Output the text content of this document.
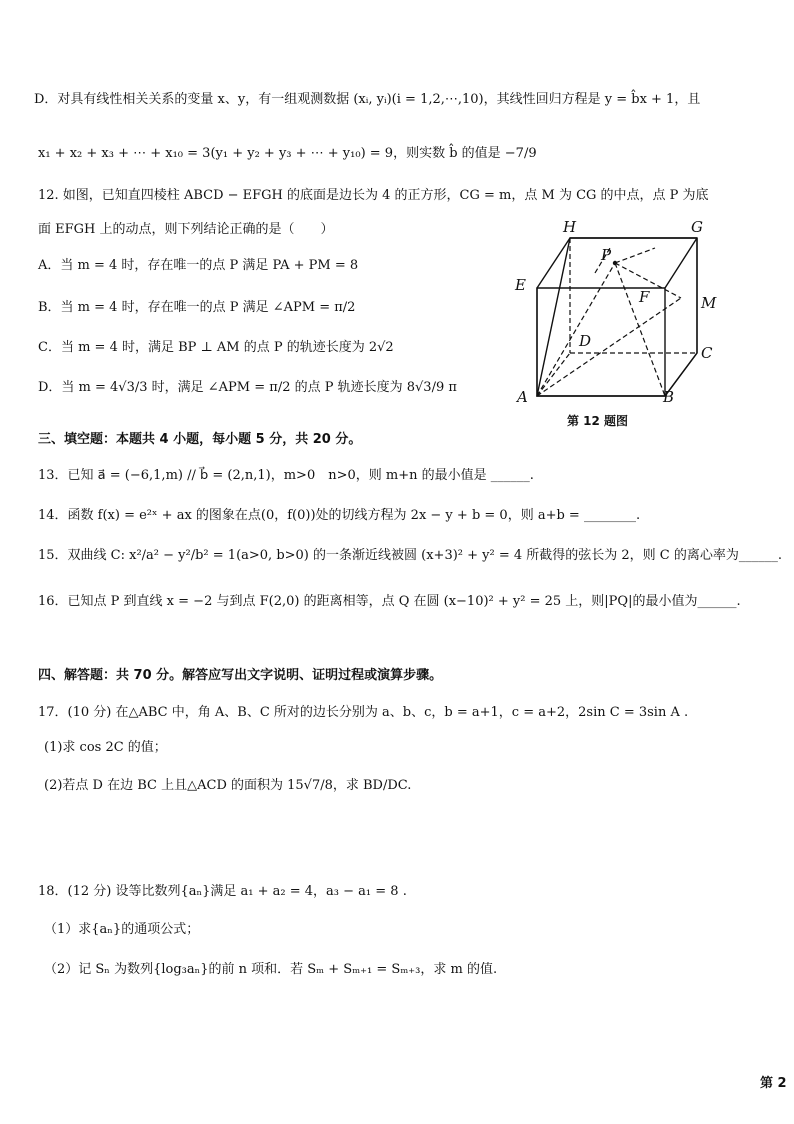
D．对具有线性相关关系的变量 x、y，有一组观测数据 (xᵢ, yᵢ)(i = 1,2,⋯,10)，其线性回归方程是 y = b̂x + 1，且
x₁ + x₂ + x₃ + ⋯ + x₁₀ = 3(y₁ + y₂ + y₃ + ⋯ + y₁₀) = 9，则实数 b̂ 的值是 −7/9
12. 如图，已知直四棱柱 ABCD − EFGH 的底面是边长为 4 的正方形，CG = m，点 M 为 CG 的中点，点 P 为底
面 EFGH 上的动点，则下列结论正确的是（　　）
A．当 m = 4 时，存在唯一的点 P 满足 PA + PM = 8
B．当 m = 4 时，存在唯一的点 P 满足 ∠APM = π/2
C．当 m = 4 时，满足 BP ⊥ AM 的点 P 的轨迹长度为 2√2
D．当 m = 4√3/3 时，满足 ∠APM = π/2 的点 P 轨迹长度为 8√3/9 π
H	G
E
F
P
M
D
C
A	B
第 12 题图
三、填空题：本题共 4 小题，每小题 5 分，共 20 分。
13．已知 a⃗ = (−6,1,m) // b⃗ = (2,n,1)，m>0　n>0，则 m+n 的最小值是 ______.
14．函数 f(x) = e²ˣ + ax 的图象在点(0，f(0))处的切线方程为 2x − y + b = 0，则 a+b = ________.
15．双曲线 C: x²/a² − y²/b² = 1(a>0, b>0) 的一条渐近线被圆 (x+3)² + y² = 4 所截得的弦长为 2，则 C 的离心率为______.
16．已知点 P 到直线 x = −2 与到点 F(2,0) 的距离相等，点 Q 在圆 (x−10)² + y² = 25 上，则|PQ|的最小值为______.
四、解答题：共 70 分。解答应写出文字说明、证明过程或演算步骤。
17．(10 分) 在△ABC 中，角 A、B、C 所对的边长分别为 a、b、c，b = a+1，c = a+2，2sin C = 3sin A .
(1)求 cos 2C 的值；
(2)若点 D 在边 BC 上且△ACD 的面积为 15√7/8，求 BD/DC.
18．(12 分) 设等比数列{aₙ}满足 a₁ + a₂ = 4，a₃ − a₁ = 8 .
（1）求{aₙ}的通项公式；
（2）记 Sₙ 为数列{log₃aₙ}的前 n 项和．若 Sₘ + Sₘ₊₁ = Sₘ₊₃，求 m 的值.
第 2
